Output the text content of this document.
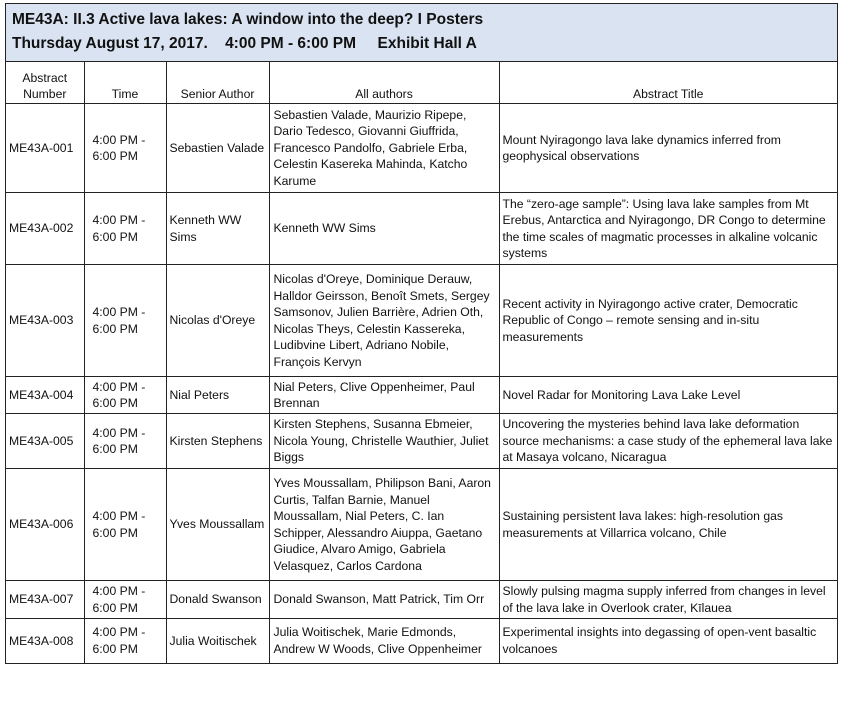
ME43A: II.3 Active lava lakes: A window into the deep? I Posters
Thursday August 17, 2017. 4:00 PM - 6:00 PM Exhibit Hall A
Abstract Number	Time	Senior Author	All authors	Abstract Title
ME43A-001	4:00 PM - 6:00 PM	Sebastien Valade	Sebastien Valade, Maurizio Ripepe, Dario Tedesco, Giovanni Giuffrida, Francesco Pandolfo, Gabriele Erba, Celestin Kasereka Mahinda, Katcho Karume	Mount Nyiragongo lava lake dynamics inferred from geophysical observations
ME43A-002	4:00 PM - 6:00 PM	Kenneth WW Sims	Kenneth WW Sims	The “zero-age sample”: Using lava lake samples from Mt Erebus, Antarctica and Nyiragongo, DR Congo to determine the time scales of magmatic processes in alkaline volcanic systems
ME43A-003	4:00 PM - 6:00 PM	Nicolas d'Oreye	Nicolas d'Oreye, Dominique Derauw, Halldor Geirsson, Benoît Smets, Sergey Samsonov, Julien Barrière, Adrien Oth, Nicolas Theys, Celestin Kassereka, Ludibvine Libert, Adriano Nobile, François Kervyn	Recent activity in Nyiragongo active crater, Democratic Republic of Congo – remote sensing and in-situ measurements
ME43A-004	4:00 PM - 6:00 PM	Nial Peters	Nial Peters, Clive Oppenheimer, Paul Brennan	Novel Radar for Monitoring Lava Lake Level
ME43A-005	4:00 PM - 6:00 PM	Kirsten Stephens	Kirsten Stephens, Susanna Ebmeier, Nicola Young, Christelle Wauthier, Juliet Biggs	Uncovering the mysteries behind lava lake deformation source mechanisms: a case study of the ephemeral lava lake at Masaya volcano, Nicaragua
ME43A-006	4:00 PM - 6:00 PM	Yves Moussallam	Yves Moussallam, Philipson Bani, Aaron Curtis, Talfan Barnie, Manuel Moussallam, Nial Peters, C. Ian Schipper, Alessandro Aiuppa, Gaetano Giudice, Alvaro Amigo, Gabriela Velasquez, Carlos Cardona	Sustaining persistent lava lakes: high-resolution gas measurements at Villarrica volcano, Chile
ME43A-007	4:00 PM - 6:00 PM	Donald Swanson	Donald Swanson, Matt Patrick, Tim Orr	Slowly pulsing magma supply inferred from changes in level of the lava lake in Overlook crater, Kīlauea
ME43A-008	4:00 PM - 6:00 PM	Julia Woitischek	Julia Woitischek, Marie Edmonds, Andrew W Woods, Clive Oppenheimer	Experimental insights into degassing of open-vent basaltic volcanoes
